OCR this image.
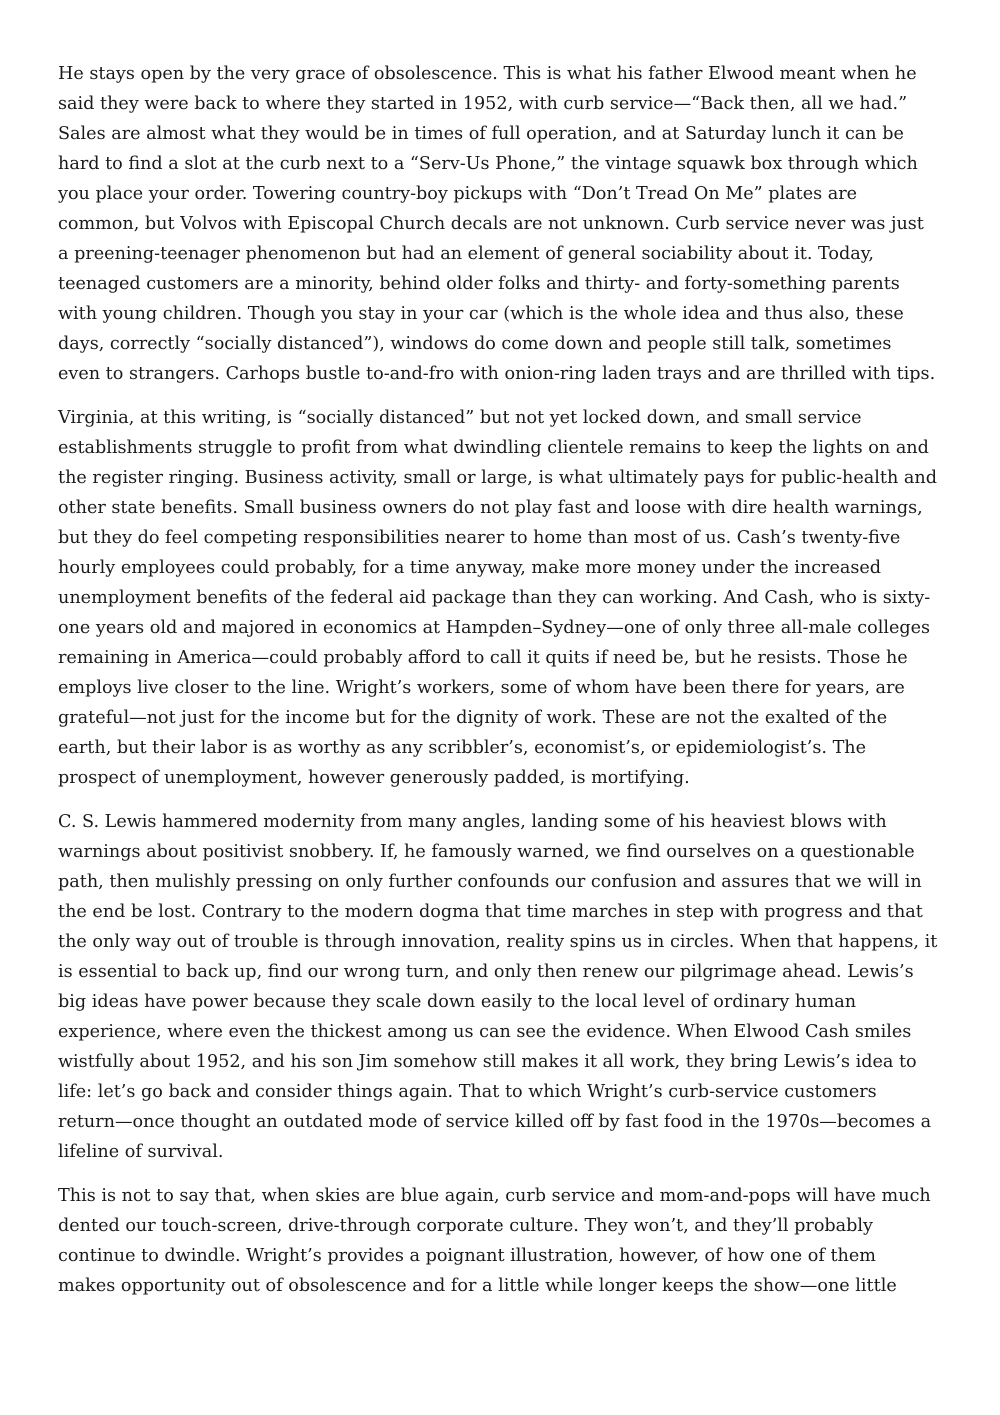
He stays open by the very grace of obsolescence. This is what his father Elwood meant when he said they were back to where they started in 1952, with curb service—“Back then, all we had.” Sales are almost what they would be in times of full operation, and at Saturday lunch it can be hard to find a slot at the curb next to a “Serv-Us Phone,” the vintage squawk box through which you place your order. Towering country-boy pickups with “Don’t Tread On Me” plates are common, but Volvos with Episcopal Church decals are not unknown. Curb service never was just a preening-teenager phenomenon but had an element of general sociability about it. Today, teenaged customers are a minority, behind older folks and thirty- and forty-something parents with young children. Though you stay in your car (which is the whole idea and thus also, these days, correctly “socially distanced”), windows do come down and people still talk, sometimes even to strangers. Carhops bustle to-and-fro with onion-ring laden trays and are thrilled with tips.

Virginia, at this writing, is “socially distanced” but not yet locked down, and small service establishments struggle to profit from what dwindling clientele remains to keep the lights on and the register ringing. Business activity, small or large, is what ultimately pays for public-health and other state benefits. Small business owners do not play fast and loose with dire health warnings, but they do feel competing responsibilities nearer to home than most of us. Cash’s twenty-five hourly employees could probably, for a time anyway, make more money under the increased unemployment benefits of the federal aid package than they can working. And Cash, who is sixty-one years old and majored in economics at Hampden–Sydney—one of only three all-male colleges remaining in America—could probably afford to call it quits if need be, but he resists. Those he employs live closer to the line. Wright’s workers, some of whom have been there for years, are grateful—not just for the income but for the dignity of work. These are not the exalted of the earth, but their labor is as worthy as any scribbler’s, economist’s, or epidemiologist’s. The prospect of unemployment, however generously padded, is mortifying.

C. S. Lewis hammered modernity from many angles, landing some of his heaviest blows with warnings about positivist snobbery. If, he famously warned, we find ourselves on a questionable path, then mulishly pressing on only further confounds our confusion and assures that we will in the end be lost. Contrary to the modern dogma that time marches in step with progress and that the only way out of trouble is through innovation, reality spins us in circles. When that happens, it is essential to back up, find our wrong turn, and only then renew our pilgrimage ahead. Lewis’s big ideas have power because they scale down easily to the local level of ordinary human experience, where even the thickest among us can see the evidence. When Elwood Cash smiles wistfully about 1952, and his son Jim somehow still makes it all work, they bring Lewis’s idea to life: let’s go back and consider things again. That to which Wright’s curb-service customers return—once thought an outdated mode of service killed off by fast food in the 1970s—becomes a lifeline of survival.

This is not to say that, when skies are blue again, curb service and mom-and-pops will have much dented our touch-screen, drive-through corporate culture. They won’t, and they’ll probably continue to dwindle. Wright’s provides a poignant illustration, however, of how one of them makes opportunity out of obsolescence and for a little while longer keeps the show—one little
